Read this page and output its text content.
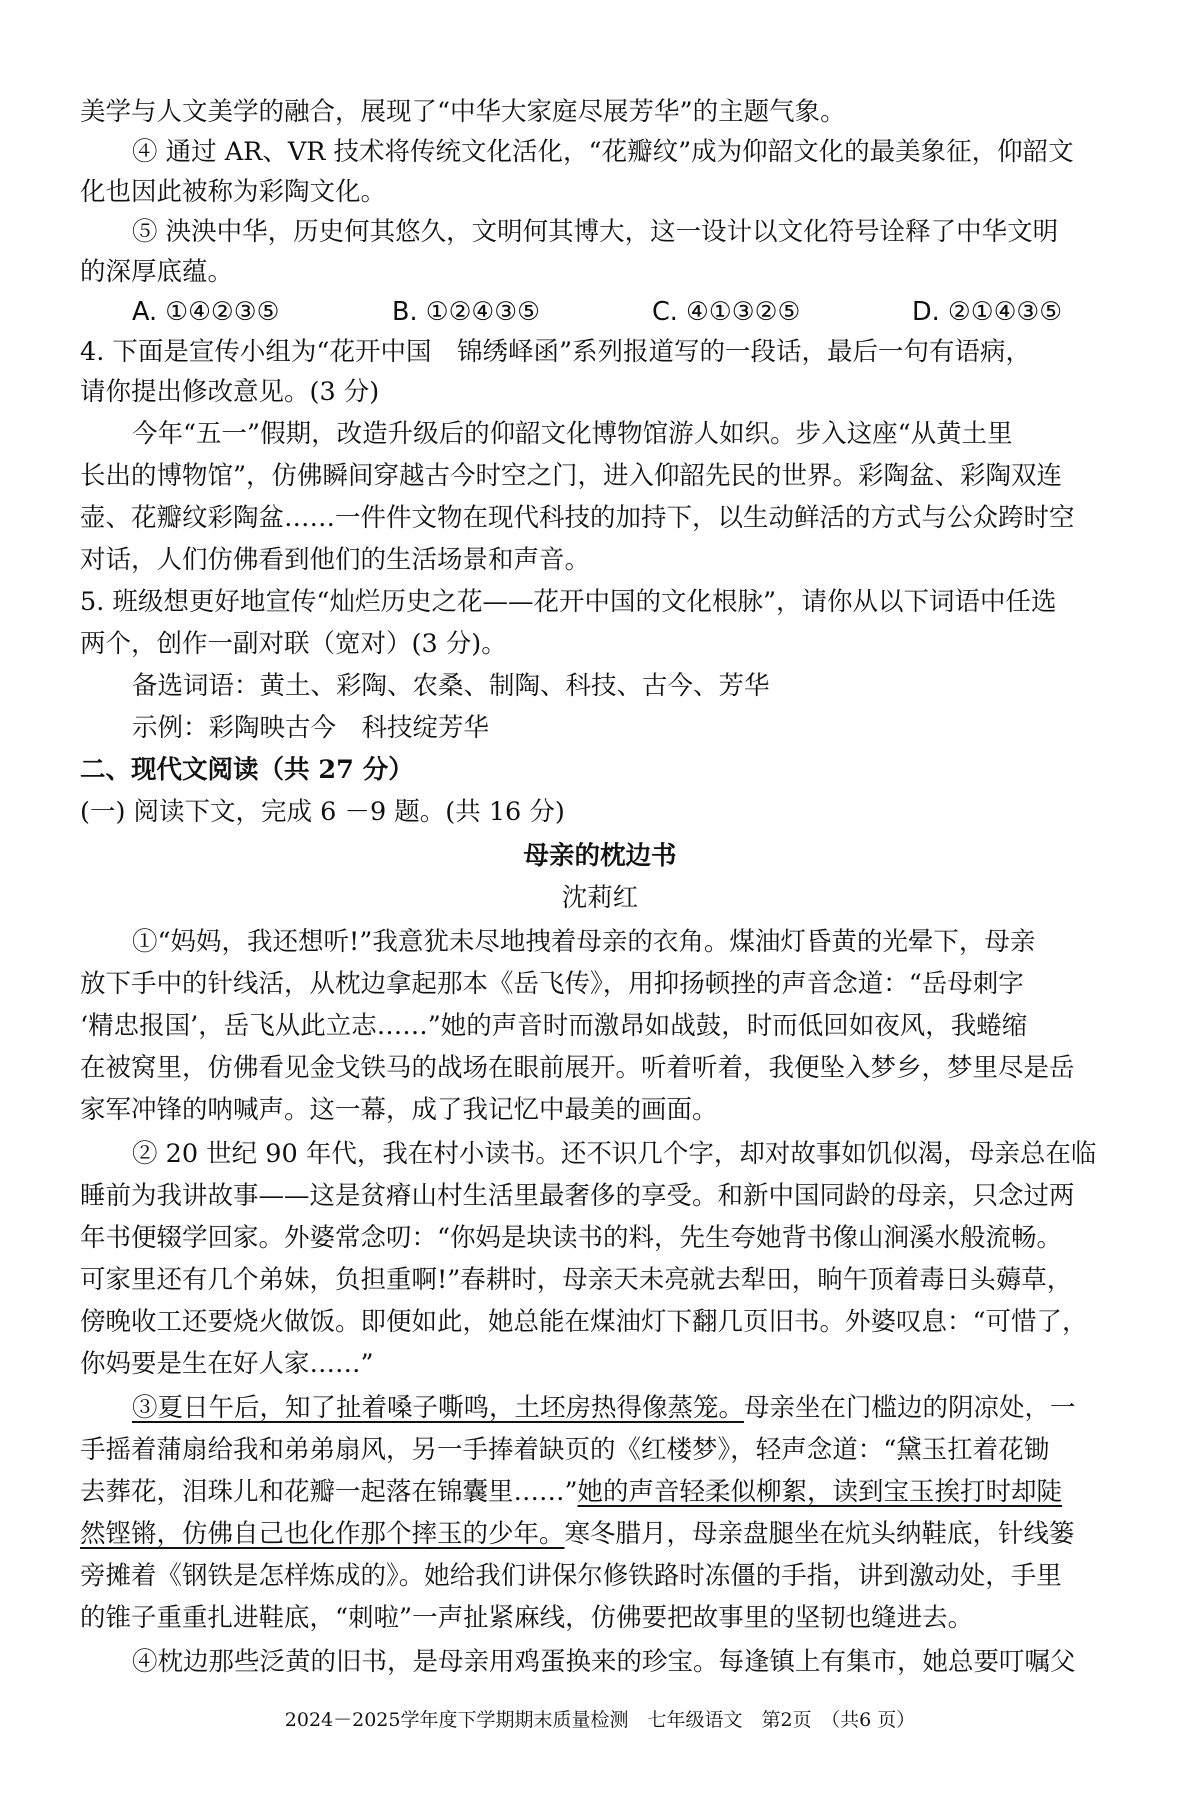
美学与人文美学的融合，展现了“中华大家庭尽展芳华”的主题气象。
④ 通过 AR、VR 技术将传统文化活化，“花瓣纹”成为仰韶文化的最美象征，仰韶文
化也因此被称为彩陶文化。
⑤ 泱泱中华，历史何其悠久，文明何其博大，这一设计以文化符号诠释了中华文明
的深厚底蕴。
A. ①④②③⑤	B. ①②④③⑤	C. ④①③②⑤	D. ②①④③⑤
4. 下面是宣传小组为“花开中国　锦绣峄函”系列报道写的一段话，最后一句有语病，
请你提出修改意见。(3 分)
今年“五一”假期，改造升级后的仰韶文化博物馆游人如织。步入这座“从黄土里
长出的博物馆”，仿佛瞬间穿越古今时空之门，进入仰韶先民的世界。彩陶盆、彩陶双连
壶、花瓣纹彩陶盆……一件件文物在现代科技的加持下，以生动鲜活的方式与公众跨时空
对话，人们仿佛看到他们的生活场景和声音。
5. 班级想更好地宣传“灿烂历史之花——花开中国的文化根脉”，请你从以下词语中任选
两个，创作一副对联（宽对）(3 分)。
备选词语：黄土、彩陶、农桑、制陶、科技、古今、芳华
示例：彩陶映古今　科技绽芳华
二、现代文阅读（共 27 分）
(一) 阅读下文，完成 6 －9 题。(共 16 分)
母亲的枕边书
沈莉红
①“妈妈，我还想听!”我意犹未尽地拽着母亲的衣角。煤油灯昏黄的光晕下，母亲
放下手中的针线活，从枕边拿起那本《岳飞传》，用抑扬顿挫的声音念道：“岳母刺字
‘精忠报国’，岳飞从此立志……”她的声音时而激昂如战鼓，时而低回如夜风，我蜷缩
在被窝里，仿佛看见金戈铁马的战场在眼前展开。听着听着，我便坠入梦乡，梦里尽是岳
家军冲锋的呐喊声。这一幕，成了我记忆中最美的画面。
② 20 世纪 90 年代，我在村小读书。还不识几个字，却对故事如饥似渴，母亲总在临
睡前为我讲故事——这是贫瘠山村生活里最奢侈的享受。和新中国同龄的母亲，只念过两
年书便辍学回家。外婆常念叨：“你妈是块读书的料，先生夸她背书像山涧溪水般流畅。
可家里还有几个弟妹，负担重啊!”春耕时，母亲天未亮就去犁田，晌午顶着毒日头薅草，
傍晚收工还要烧火做饭。即便如此，她总能在煤油灯下翻几页旧书。外婆叹息：“可惜了，
你妈要是生在好人家……”
③夏日午后，知了扯着嗓子嘶鸣，土坯房热得像蒸笼。母亲坐在门槛边的阴凉处，一
手摇着蒲扇给我和弟弟扇风，另一手捧着缺页的《红楼梦》，轻声念道：“黛玉扛着花锄
去葬花，泪珠儿和花瓣一起落在锦囊里……”她的声音轻柔似柳絮，读到宝玉挨打时却陡
然铿锵，仿佛自己也化作那个摔玉的少年。寒冬腊月，母亲盘腿坐在炕头纳鞋底，针线篓
旁摊着《钢铁是怎样炼成的》。她给我们讲保尔修铁路时冻僵的手指，讲到激动处，手里
的锥子重重扎进鞋底，“刺啦”一声扯紧麻线，仿佛要把故事里的坚韧也缝进去。
④枕边那些泛黄的旧书，是母亲用鸡蛋换来的珍宝。每逢镇上有集市，她总要叮嘱父
2024－2025学年度下学期期末质量检测　七年级语文　第2页　（共6 页）
